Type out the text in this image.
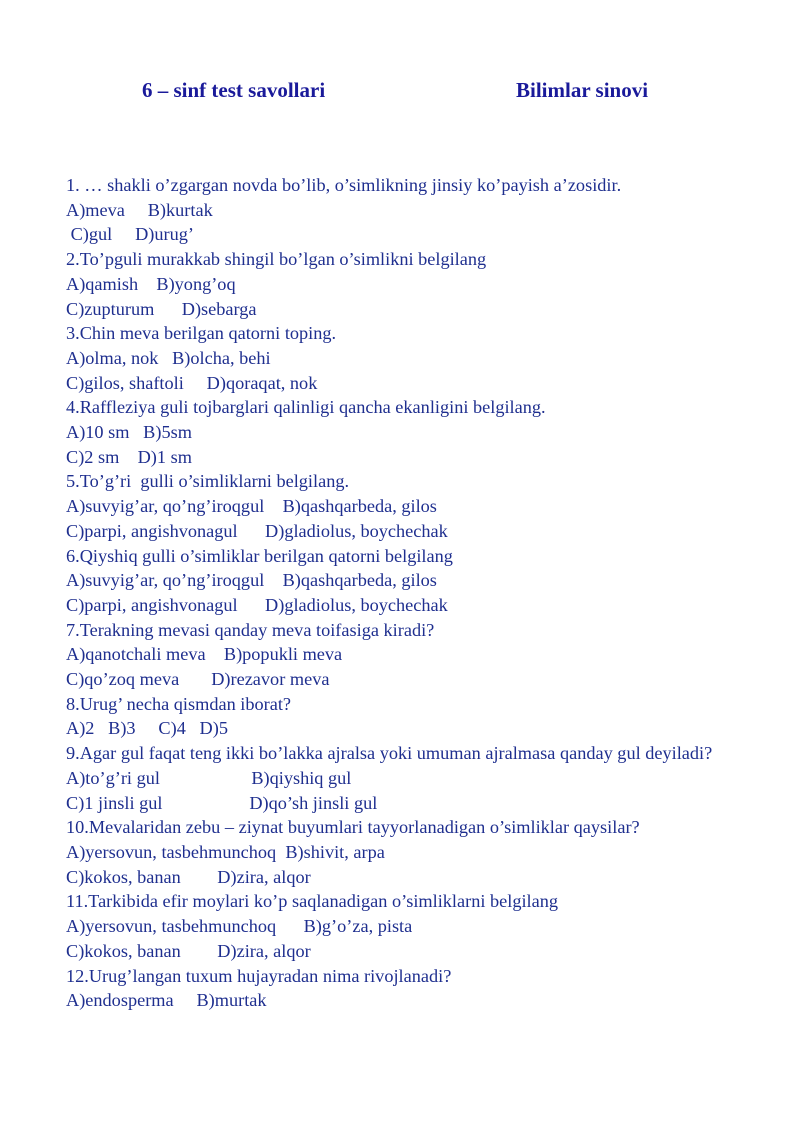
6 – sinf test savollari	Bilimlar sinovi
1. … shakli o’zgargan novda bo’lib, o’simlikning jinsiy ko’payish a’zosidir.
A)meva     B)kurtak
C)gul     D)urug’
2.To’pguli murakkab shingil bo’lgan o’simlikni belgilang
A)qamish    B)yong’oq
C)zupturum      D)sebarga
3.Chin meva berilgan qatorni toping.
A)olma, nok   B)olcha, behi
C)gilos, shaftoli     D)qoraqat, nok
4.Raffleziya guli tojbarglari qalinligi qancha ekanligini belgilang.
A)10 sm   B)5sm
C)2 sm    D)1 sm
5.To’g’ri  gulli o’simliklarni belgilang.
A)suvyig’ar, qo’ng’iroqgul    B)qashqarbeda, gilos
C)parpi, angishvonagul      D)gladiolus, boychechak
6.Qiyshiq gulli o’simliklar berilgan qatorni belgilang
A)suvyig’ar, qo’ng’iroqgul    B)qashqarbeda, gilos
C)parpi, angishvonagul      D)gladiolus, boychechak
7.Terakning mevasi qanday meva toifasiga kiradi?
A)qanotchali meva    B)popukli meva
C)qo’zoq meva       D)rezavor meva
8.Urug’ necha qismdan iborat?
A)2   B)3     C)4   D)5
9.Agar gul faqat teng ikki bo’lakka ajralsa yoki umuman ajralmasa qanday gul deyiladi?
A)to’g’ri gul                    B)qiyshiq gul
C)1 jinsli gul                   D)qo’sh jinsli gul
10.Mevalaridan zebu – ziynat buyumlari tayyorlanadigan o’simliklar qaysilar?
A)yersovun, tasbehmunchoq  B)shivit, arpa
C)kokos, banan        D)zira, alqor
11.Tarkibida efir moylari ko’p saqlanadigan o’simliklarni belgilang
A)yersovun, tasbehmunchoq      B)g’o’za, pista
C)kokos, banan        D)zira, alqor
12.Urug’langan tuxum hujayradan nima rivojlanadi?
A)endosperma     B)murtak
